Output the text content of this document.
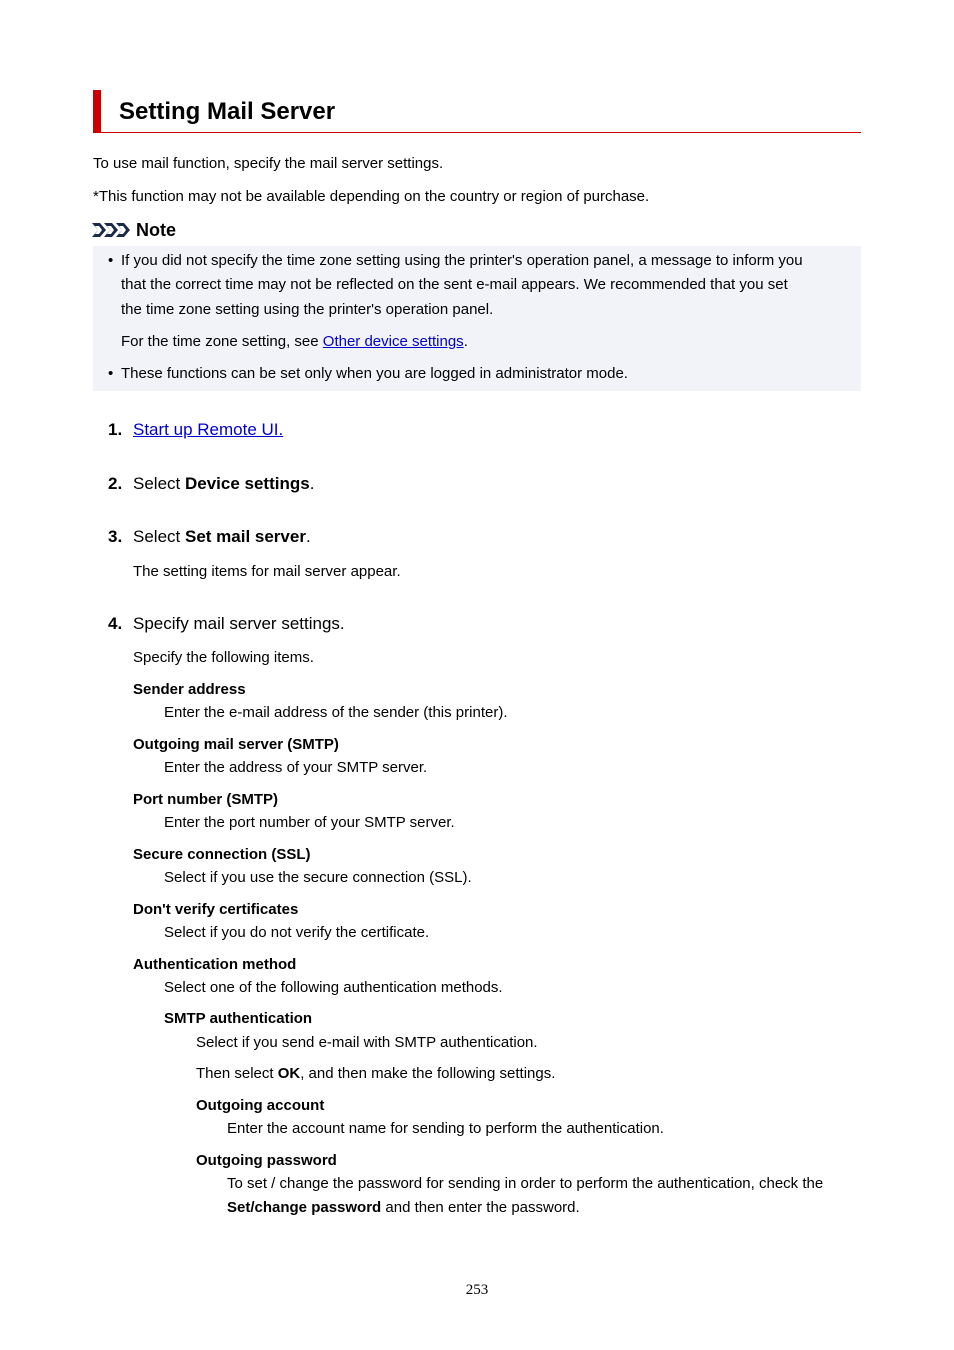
Setting Mail Server
To use mail function, specify the mail server settings.
*This function may not be available depending on the country or region of purchase.
Note
• If you did not specify the time zone setting using the printer's operation panel, a message to inform you
that the correct time may not be reflected on the sent e-mail appears. We recommended that you set
the time zone setting using the printer's operation panel.
For the time zone setting, see Other device settings.
• These functions can be set only when you are logged in administrator mode.
1. Start up Remote UI.
2. Select Device settings.
3. Select Set mail server.
The setting items for mail server appear.
4. Specify mail server settings.
Specify the following items.
Sender address
Enter the e-mail address of the sender (this printer).
Outgoing mail server (SMTP)
Enter the address of your SMTP server.
Port number (SMTP)
Enter the port number of your SMTP server.
Secure connection (SSL)
Select if you use the secure connection (SSL).
Don't verify certificates
Select if you do not verify the certificate.
Authentication method
Select one of the following authentication methods.
SMTP authentication
Select if you send e-mail with SMTP authentication.
Then select OK, and then make the following settings.
Outgoing account
Enter the account name for sending to perform the authentication.
Outgoing password
To set / change the password for sending in order to perform the authentication, check the
Set/change password and then enter the password.
253
